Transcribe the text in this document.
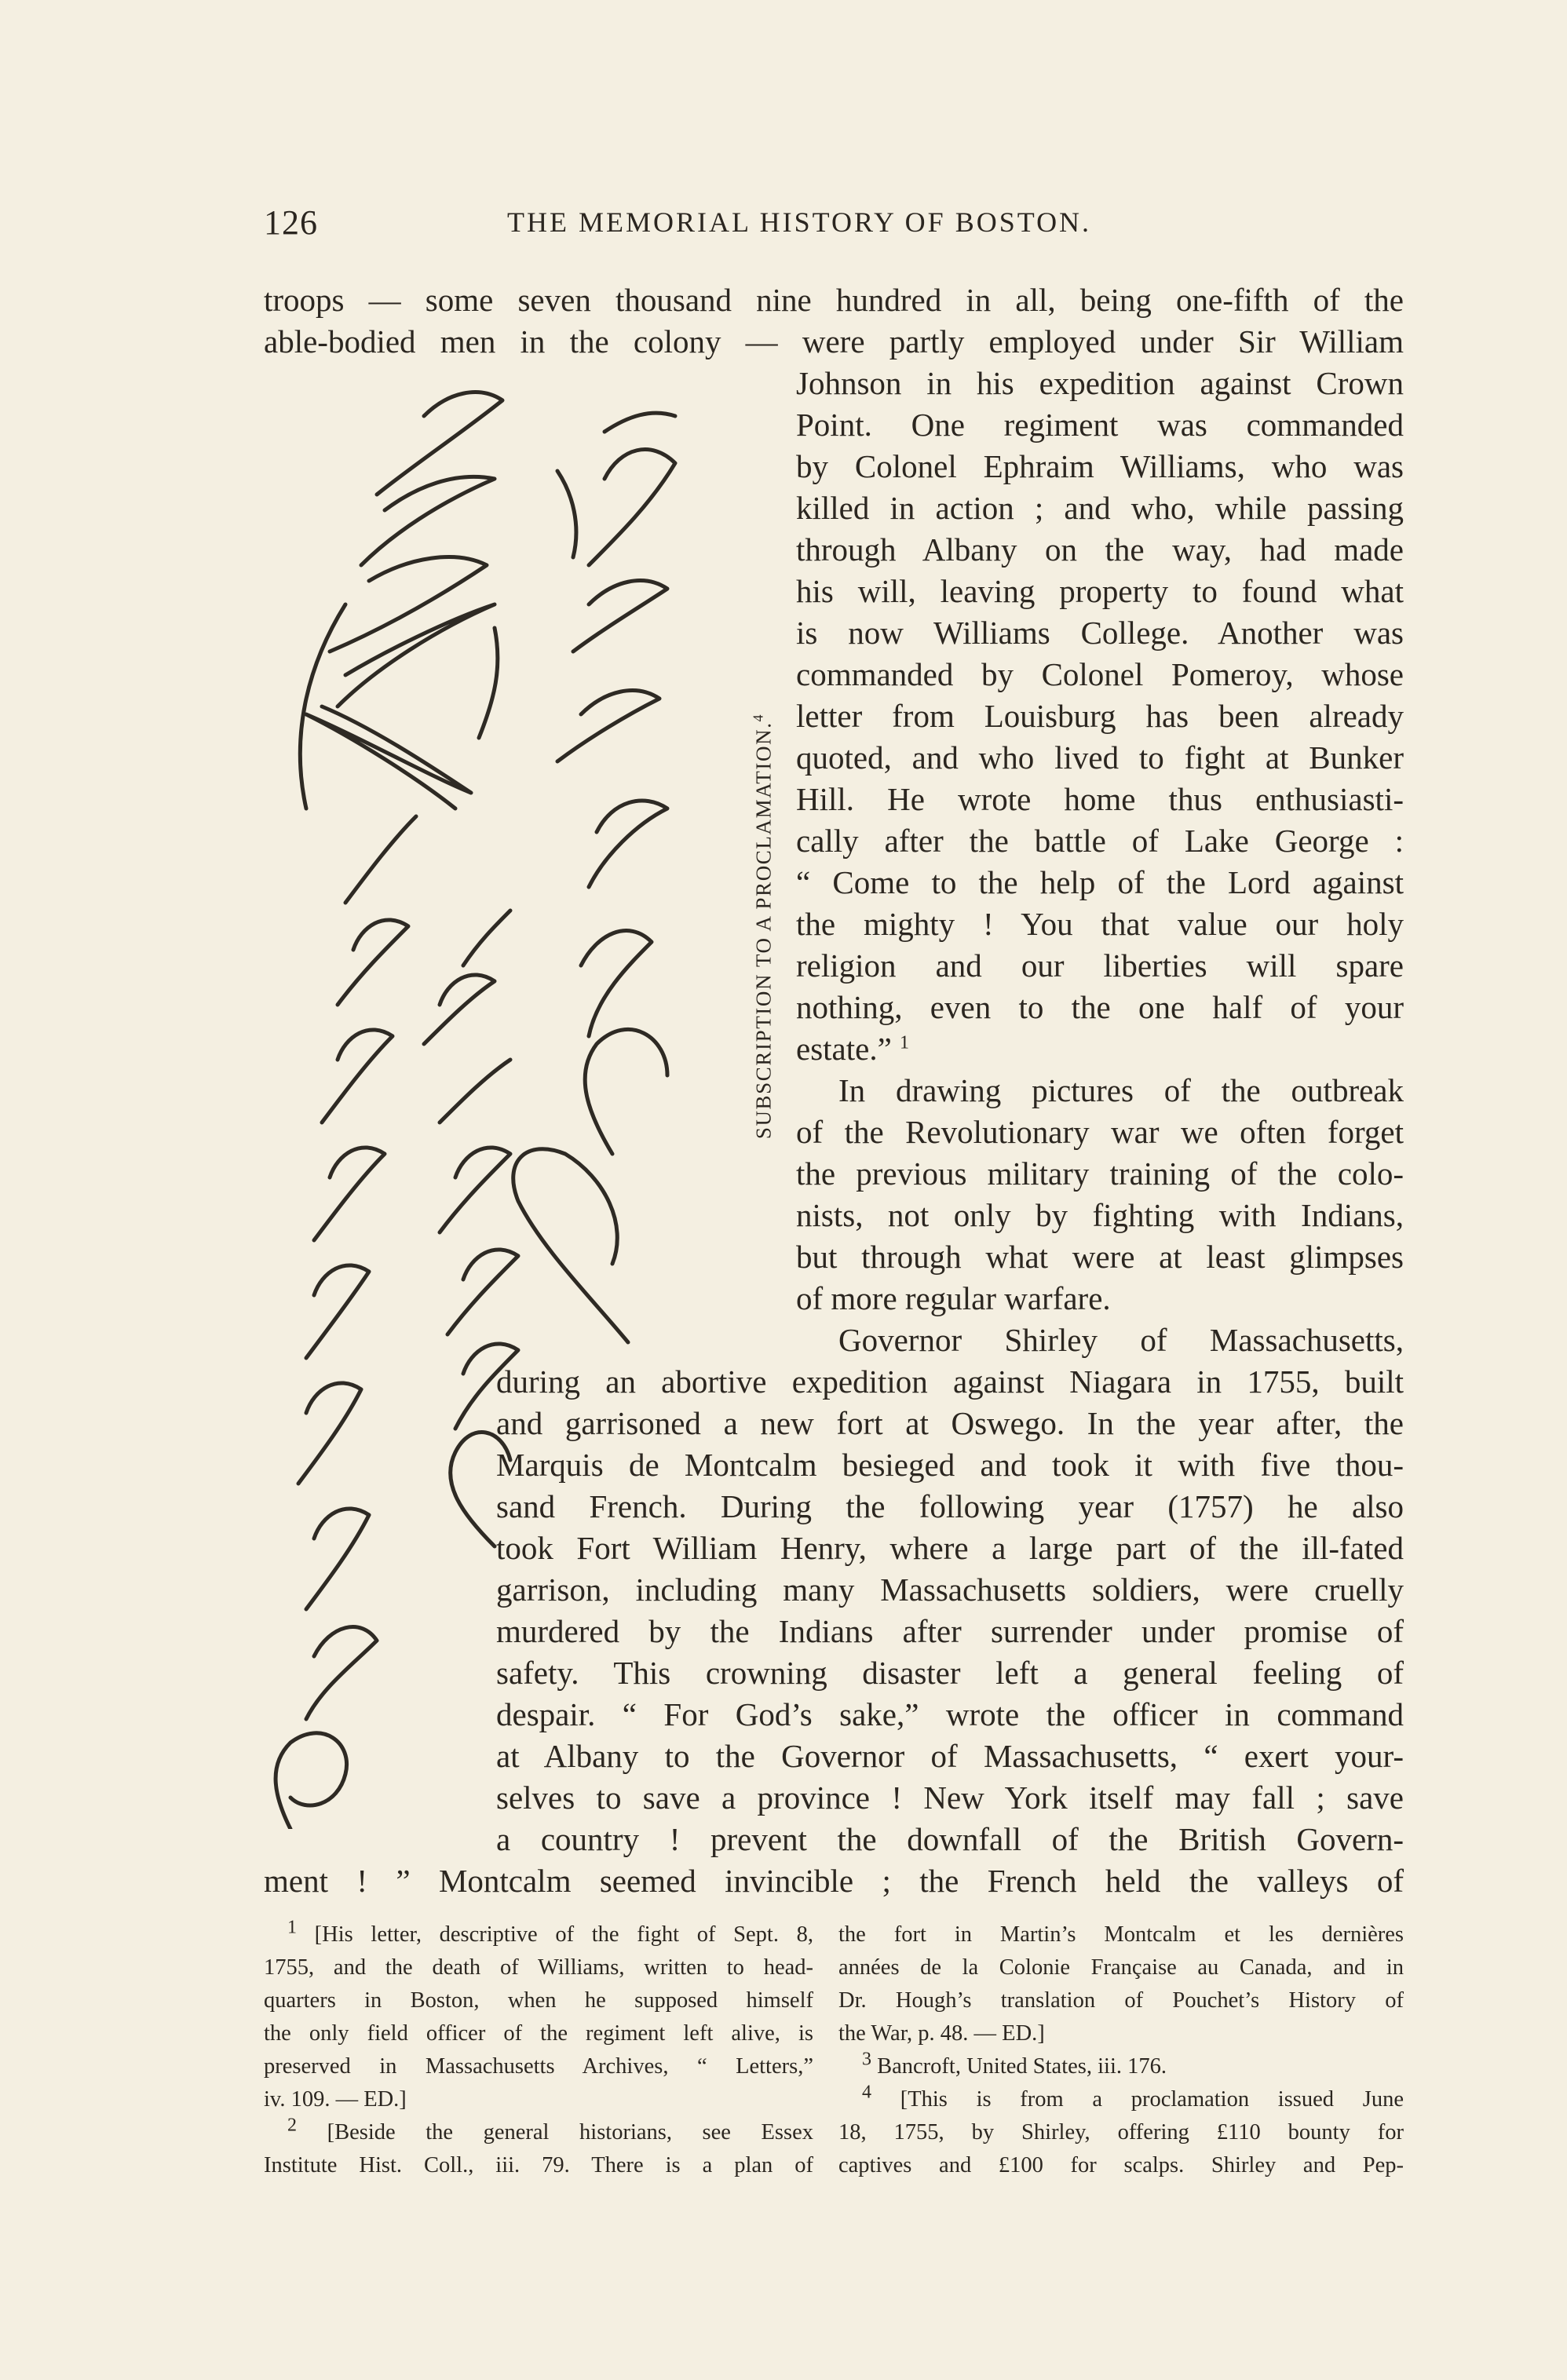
126	THE MEMORIAL HISTORY OF BOSTON.
SUBSCRIPTION TO A PROCLAMATION.$^4$
troops — some seven thousand nine hundred in all, being one-fifth of the
able-bodied men in the colony — were partly employed under Sir William
Johnson in his expedition against Crown
Point. One regiment was commanded
by Colonel Ephraim Williams, who was
killed in action ; and who, while passing
through Albany on the way, had made
his will, leaving property to found what
is now Williams College. Another was
commanded by Colonel Pomeroy, whose
letter from Louisburg has been already
quoted, and who lived to fight at Bunker
Hill. He wrote home thus enthusiasti-
cally after the battle of Lake George :
“ Come to the help of the Lord against
the mighty ! You that value our holy
religion and our liberties will spare
nothing, even to the one half of your
estate.” $^1$
In drawing pictures of the outbreak
of the Revolutionary war we often forget
the previous military training of the colo-
nists, not only by fighting with Indians,
but through what were at least glimpses
of more regular warfare.
Governor Shirley of Massachusetts,
during an abortive expedition against Niagara in 1755, built
and garrisoned a new fort at Oswego. In the year after, the
Marquis de Montcalm besieged and took it with five thou-
sand French. During the following year (1757) he also
took Fort William Henry, where a large part of the ill-fated
garrison, including many Massachusetts soldiers, were cruelly
murdered by the Indians after surrender under promise of
safety. This crowning disaster left a general feeling of
despair. “ For God’s sake,” wrote the officer in command
at Albany to the Governor of Massachusetts, “ exert your-
selves to save a province ! New York itself may fall ; save
a country ! prevent the downfall of the British Govern-
ment ! ” Montcalm seemed invincible ; the French held the valleys of
$^1$ [His letter, descriptive of the fight of Sept. 8,
1755, and the death of Williams, written to head-
quarters in Boston, when he supposed himself
the only field officer of the regiment left alive, is
preserved in Massachusetts Archives, “ Letters,”
iv. 109. — ED.]
$^2$ [Beside the general historians, see Essex
Institute Hist. Coll., iii. 79. There is a plan of
the fort in Martin’s Montcalm et les dernières
années de la Colonie Française au Canada, and in
Dr. Hough’s translation of Pouchet’s History of
the War, p. 48. — ED.]
$^3$ Bancroft, United States, iii. 176.
$^4$ [This is from a proclamation issued June
18, 1755, by Shirley, offering £110 bounty for
captives and £100 for scalps. Shirley and Pep-
